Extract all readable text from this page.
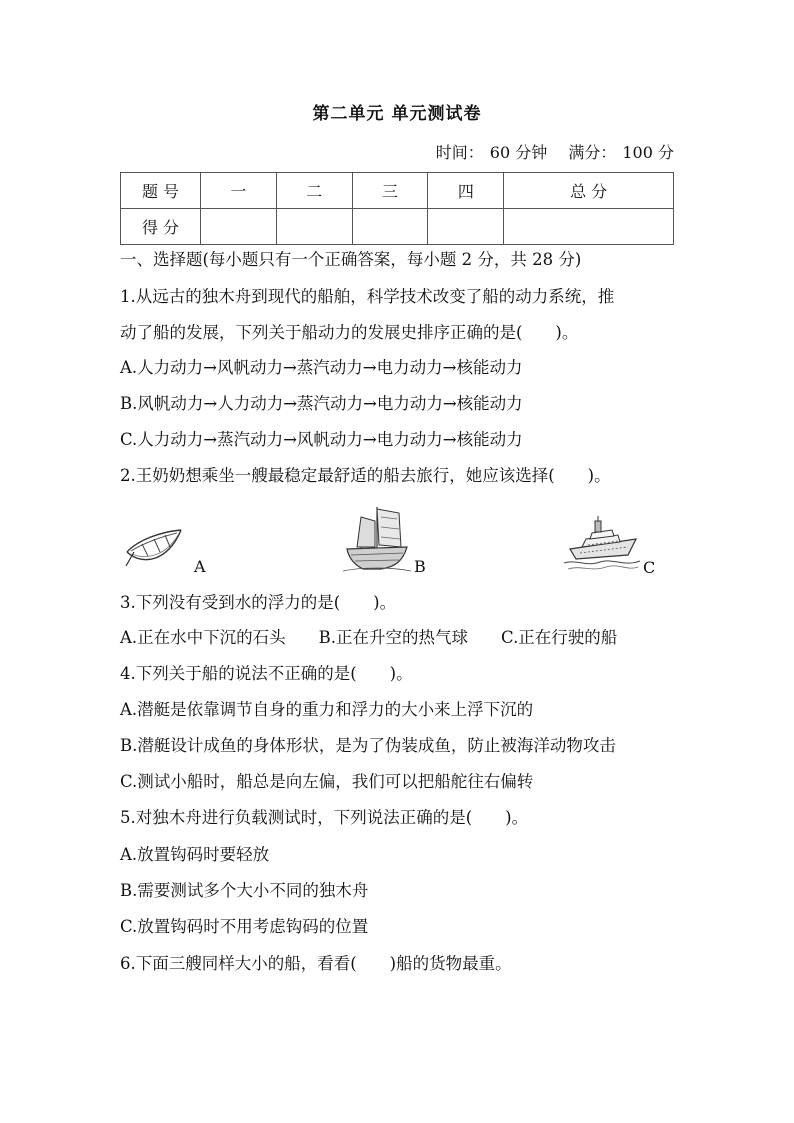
第二单元 单元测试卷
时间： 60 分钟 满分： 100 分
题 号	一	二	三	四	总 分
得 分					
一、选择题(每小题只有一个正确答案，每小题 2 分，共 28 分)
1.从远古的独木舟到现代的船舶，科学技术改变了船的动力系统，推
动了船的发展，下列关于船动力的发展史排序正确的是(　　)。
A.人力动力→风帆动力→蒸汽动力→电力动力→核能动力
B.风帆动力→人力动力→蒸汽动力→电力动力→核能动力
C.人力动力→蒸汽动力→风帆动力→电力动力→核能动力
2.王奶奶想乘坐一艘最稳定最舒适的船去旅行，她应该选择(　　)。
A	B	C
3.下列没有受到水的浮力的是(　　)。
A.正在水中下沉的石头　　B.正在升空的热气球　　C.正在行驶的船
4.下列关于船的说法不正确的是(　　)。
A.潜艇是依靠调节自身的重力和浮力的大小来上浮下沉的
B.潜艇设计成鱼的身体形状，是为了伪装成鱼，防止被海洋动物攻击
C.测试小船时，船总是向左偏，我们可以把船舵往右偏转
5.对独木舟进行负载测试时，下列说法正确的是(　　)。
A.放置钩码时要轻放
B.需要测试多个大小不同的独木舟
C.放置钩码时不用考虑钩码的位置
6.下面三艘同样大小的船，看看(　　)船的货物最重。
